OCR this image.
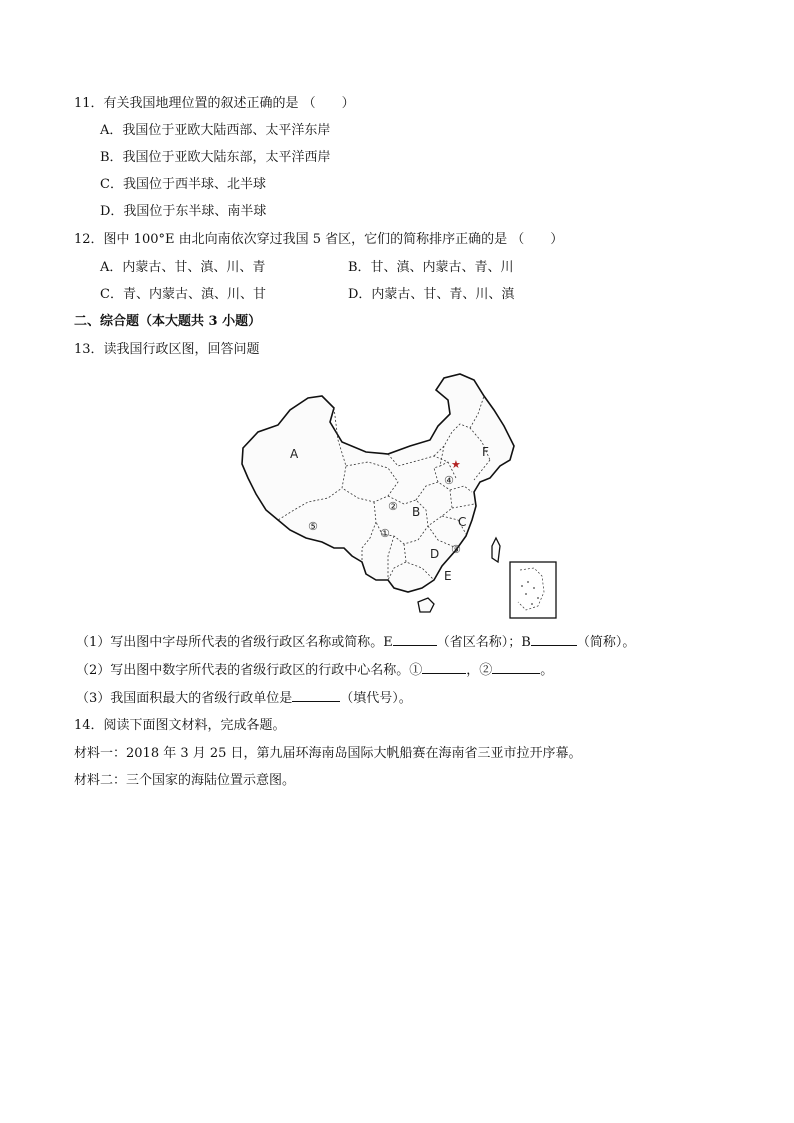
11．有关我国地理位置的叙述正确的是 （　　）
A．我国位于亚欧大陆西部、太平洋东岸
B．我国位于亚欧大陆东部，太平洋西岸
C．我国位于西半球、北半球
D．我国位于东半球、南半球
12．图中 100°E 由北向南依次穿过我国 5 省区，它们的简称排序正确的是 （　　）
A．内蒙古、甘、滇、川、青	B．甘、滇、内蒙古、青、川
C．青、内蒙古、滇、川、甘	D．内蒙古、甘、青、川、滇
二、综合题（本大题共 3 小题）
13．读我国行政区图，回答问题
★
A
B
C
D
E
F
①
②
③
④
⑤
（1）写出图中字母所代表的省级行政区名称或简称。E	（省区名称）；B	（简称）。
（2）写出图中数字所代表的省级行政区的行政中心名称。①	，②	。
（3）我国面积最大的省级行政单位是	（填代号）。
14．阅读下面图文材料，完成各题。
材料一：2018 年 3 月 25 日，第九届环海南岛国际大帆船赛在海南省三亚市拉开序幕。
材料二：三个国家的海陆位置示意图。
